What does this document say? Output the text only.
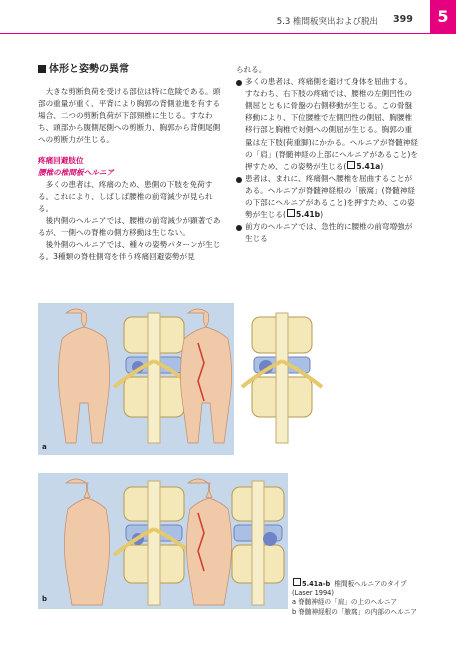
5.3 椎間板突出および脱出 399	5
体形と姿勢の異常

大きな剪断負荷を受ける部位は特に危険である。頭部の重量が重く、平背により胸郭の背側並進を有する場合、二つの剪断負荷が下部頸椎に生じる。すなわち、頭部から腹側尾側への剪断力、胸郭から背側尾側への剪断力が生じる。

疼痛回避肢位
腰椎の椎間板ヘルニア

多くの患者は、疼痛のため、患側の下肢を免荷する。これにより、しばしば腰椎の前弯減少が見られる。

後内側のヘルニアでは、腰椎の前弯減少が顕著であるが、一側への脊椎の側方移動は生じない。

後外側のヘルニアでは、種々の姿勢パターンが生じる。3種類の脊柱側弯を伴う疼痛回避姿勢が見

られる。

多くの患者は、疼痛側を避けて身体を屈曲する。すなわち、右下肢の疼痛では、腰椎の左側凹性の側屈とともに骨盤の右側移動が生じる。この骨盤移動により、下位腰椎で左側凹性の側屈、胸腰椎移行部と胸椎で対側への側屈が生じる。胸郭の重量は左下肢(荷重脚)にかかる。ヘルニアが脊髄神経の「肩」(脊髄神経の上部にヘルニアがあること)を押すため、この姿勢が生じる( 5.41a)

患者は、まれに、疼痛側へ腰椎を屈曲することがある。ヘルニアが脊髄神経根の「腋窩」(脊髄神経の下部にヘルニアがあること)を押すため、この姿勢が生じる( 5.41b)

前方のヘルニアでは、急性的に腰椎の前弯増強が生じる

a
b
5.41a-b 椎間板ヘルニアのタイプ
(Laser 1994)
a 脊髄神経の「肩」の上のヘルニア
b 脊髄神経根の「腋窩」の内部のヘルニア
